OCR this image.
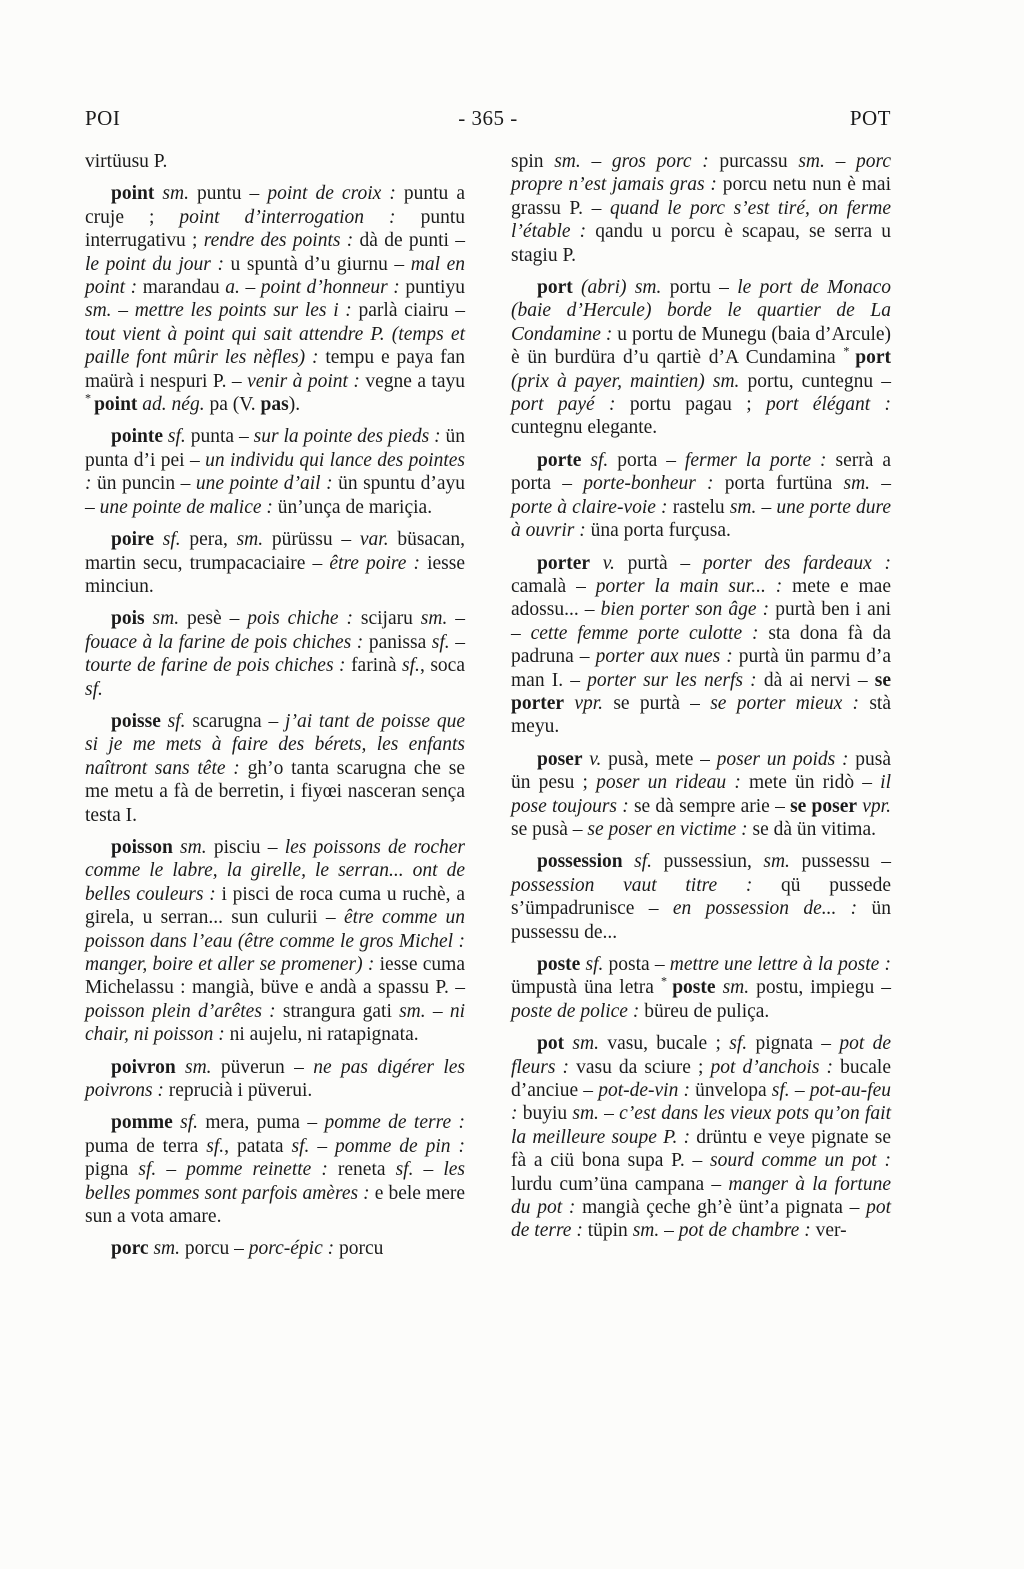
POI	- 365 -	POT

virtüusu P.

point sm. puntu – point de croix : puntu a cruje ; point d’interrogation : puntu interrugativu ; rendre des points : dà de punti – le point du jour : u spuntà d’u giurnu – mal en point : marandau a. – point d’honneur : puntiyu sm. – mettre les points sur les i : parlà ciairu – tout vient à point qui sait attendre P. (temps et paille font mûrir les nèfles) : tempu e paya fan maürà i nespuri P. – venir à point : vegne a tayu * point ad. nég. pa (V. pas).

pointe sf. punta – sur la pointe des pieds : ün punta d’i pei – un individu qui lance des pointes : ün puncin – une pointe d’ail : ün spuntu d’ayu – une pointe de malice : ün’unça de mariçia.

poire sf. pera, sm. pürüssu – var. büsacan, martin secu, trumpacaciaire – être poire : iesse minciun.

pois sm. pesè – pois chiche : scijaru sm. – fouace à la farine de pois chiches : panissa sf. – tourte de farine de pois chiches : farinà sf., soca sf.

poisse sf. scarugna – j’ai tant de poisse que si je me mets à faire des bérets, les enfants naîtront sans tête : gh’o tanta scarugna che se me metu a fà de berretin, i fiyœi nasceran sença testa I.

poisson sm. pisciu – les poissons de rocher comme le labre, la girelle, le serran... ont de belles couleurs : i pisci de roca cuma u ruchè, a girela, u serran... sun culurii – être comme un poisson dans l’eau (être comme le gros Michel : manger, boire et aller se promener) : iesse cuma Michelassu : mangià, büve e andà a spassu P. – poisson plein d’arêtes : strangura gati sm. – ni chair, ni poisson : ni aujelu, ni ratapignata.

poivron sm. püverun – ne pas digérer les poivrons : reprucià i püverui.

pomme sf. mera, puma – pomme de terre : puma de terra sf., patata sf. – pomme de pin : pigna sf. – pomme reinette : reneta sf. – les belles pommes sont parfois amères : e bele mere sun a vota amare.

porc sm. porcu – porc-épic : porcu

spin sm. – gros porc : purcassu sm. – porc propre n’est jamais gras : porcu netu nun è mai grassu P. – quand le porc s’est tiré, on ferme l’étable : qandu u porcu è scapau, se serra u stagiu P.

port (abri) sm. portu – le port de Monaco (baie d’Hercule) borde le quartier de La Condamine : u portu de Munegu (baia d’Arcule) è ün burdüra d’u qartiè d’A Cundamina * port (prix à payer, maintien) sm. portu, cuntegnu – port payé : portu pagau ; port élégant : cuntegnu elegante.

porte sf. porta – fermer la porte : serrà a porta – porte-bonheur : porta furtüna sm. – porte à claire-voie : rastelu sm. – une porte dure à ouvrir : üna porta furçusa.

porter v. purtà – porter des fardeaux : camalà – porter la main sur... : mete e mae adossu... – bien porter son âge : purtà ben i ani – cette femme porte culotte : sta dona fà da padruna – porter aux nues : purtà ün parmu d’a man I. – porter sur les nerfs : dà ai nervi – se porter vpr. se purtà – se porter mieux : stà meyu.

poser v. pusà, mete – poser un poids : pusà ün pesu ; poser un rideau : mete ün ridò – il pose toujours : se dà sempre arie – se poser vpr. se pusà – se poser en victime : se dà ün vitima.

possession sf. pussessiun, sm. pussessu – possession vaut titre : qü pussede s’ümpadrunisce – en possession de... : ün pussessu de...

poste sf. posta – mettre une lettre à la poste : ümpustà üna letra * poste sm. postu, impiegu – poste de police : büreu de puliça.

pot sm. vasu, bucale ; sf. pignata – pot de fleurs : vasu da sciure ; pot d’anchois : bucale d’anciue – pot-de-vin : ünvelopa sf. – pot-au-feu : buyiu sm. – c’est dans les vieux pots qu’on fait la meilleure soupe P. : drüntu e veye pignate se fà a ciü bona supa P. – sourd comme un pot : lurdu cum’üna campana – manger à la fortune du pot : mangià çeche gh’è ünt’a pignata – pot de terre : tüpin sm. – pot de chambre : ver-
